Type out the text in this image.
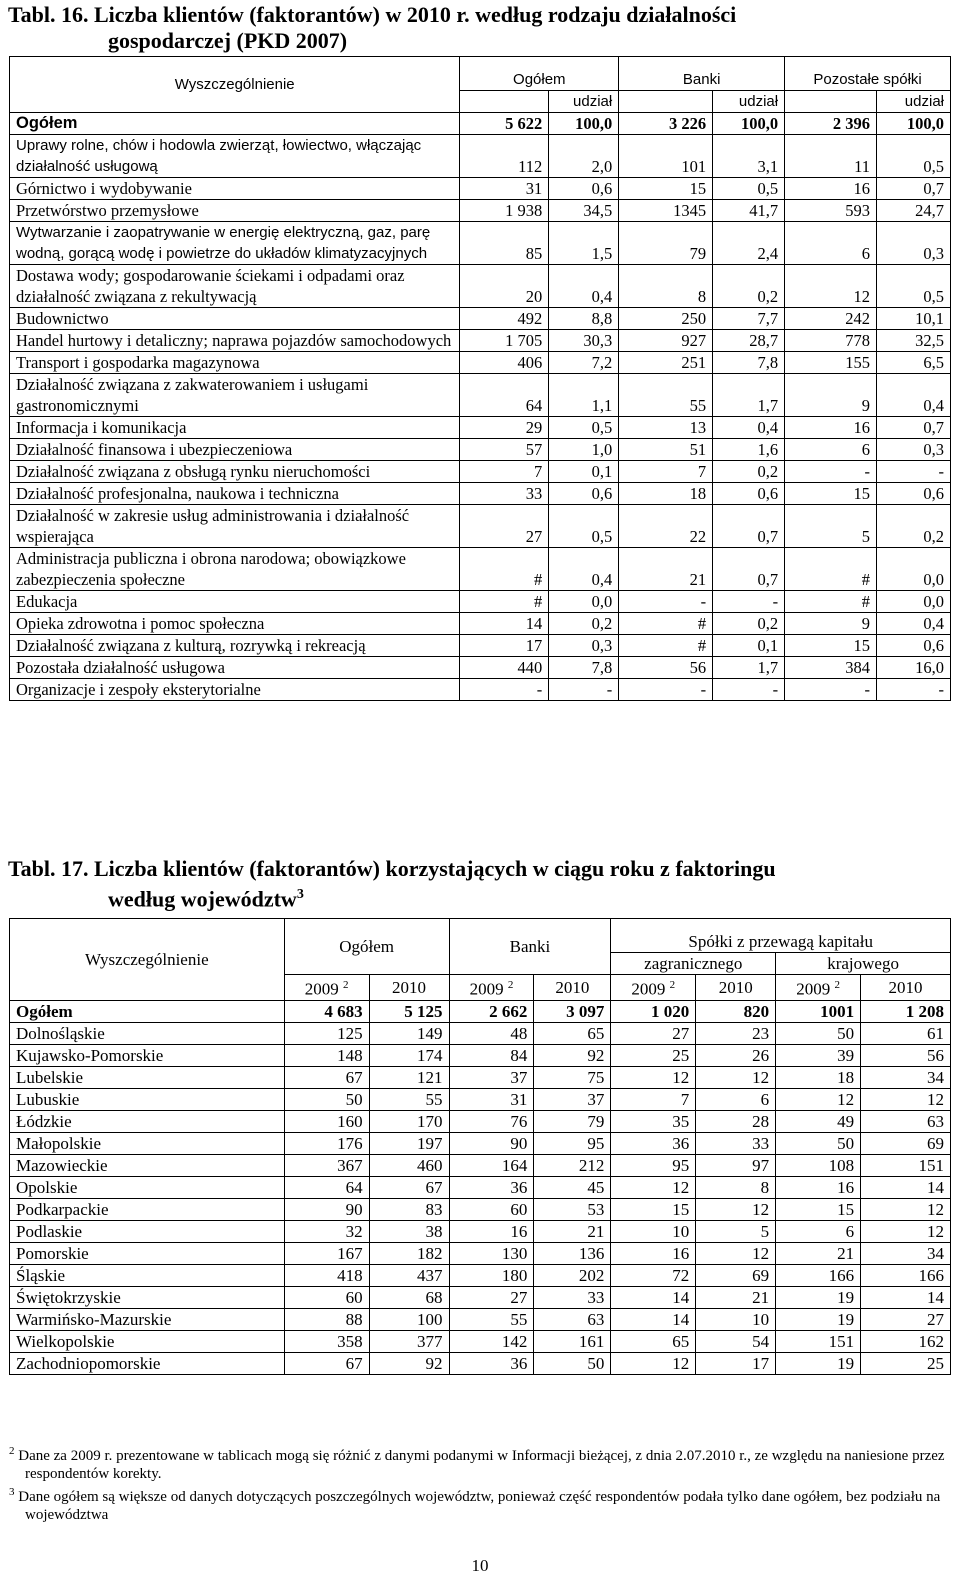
Tabl. 16. Liczba klientów (faktorantów) w 2010 r. według rodzaju działalności
gospodarczej (PKD 2007)
Wyszczególnienie	Ogółem		Banki		Pozostałe spółki	
		udział		udział		udział
Ogółem	5 622	100,0	3 226	100,0	2 396	100,0
Uprawy rolne, chów i hodowla zwierząt, łowiectwo, włączając działalność usługową	112	2,0	101	3,1	11	0,5
Górnictwo i wydobywanie	31	0,6	15	0,5	16	0,7
Przetwórstwo przemysłowe	1 938	34,5	1345	41,7	593	24,7
Wytwarzanie i zaopatrywanie w energię elektryczną, gaz, parę wodną, gorącą wodę i powietrze do układów klimatyzacyjnych	85	1,5	79	2,4	6	0,3
Dostawa wody; gospodarowanie ściekami i odpadami oraz działalność związana z rekultywacją	20	0,4	8	0,2	12	0,5
Budownictwo	492	8,8	250	7,7	242	10,1
Handel hurtowy i detaliczny; naprawa pojazdów samochodowych	1 705	30,3	927	28,7	778	32,5
Transport i gospodarka magazynowa	406	7,2	251	7,8	155	6,5
Działalność związana z zakwaterowaniem i usługami gastronomicznymi	64	1,1	55	1,7	9	0,4
Informacja i komunikacja	29	0,5	13	0,4	16	0,7
Działalność finansowa i ubezpieczeniowa	57	1,0	51	1,6	6	0,3
Działalność związana z obsługą rynku nieruchomości	7	0,1	7	0,2	-	-
Działalność profesjonalna, naukowa i techniczna	33	0,6	18	0,6	15	0,6
Działalność w zakresie usług administrowania i działalność wspierająca	27	0,5	22	0,7	5	0,2
Administracja publiczna i obrona narodowa; obowiązkowe zabezpieczenia społeczne	#	0,4	21	0,7	#	0,0
Edukacja	#	0,0	-	-	#	0,0
Opieka zdrowotna i pomoc społeczna	14	0,2	#	0,2	9	0,4
Działalność związana z kulturą, rozrywką i rekreacją	17	0,3	#	0,1	15	0,6
Pozostała działalność usługowa	440	7,8	56	1,7	384	16,0
Organizacje i zespoły eksterytorialne	-	-	-	-	-	-
Tabl. 17. Liczba klientów (faktorantów) korzystających w ciągu roku z faktoringu
według województw$^3$
Wyszczególnienie	Ogółem		Banki		Spółki z przewagą kapitału			
					zagranicznego		krajowego	
	2009 $^2$	2010	2009 $^2$	2010	2009 $^2$	2010	2009 $^2$	2010
Ogółem	4 683	5 125	2 662	3 097	1 020	820	1001	1 208
Dolnośląskie	125	149	48	65	27	23	50	61
Kujawsko-Pomorskie	148	174	84	92	25	26	39	56
Lubelskie	67	121	37	75	12	12	18	34
Lubuskie	50	55	31	37	7	6	12	12
Łódzkie	160	170	76	79	35	28	49	63
Małopolskie	176	197	90	95	36	33	50	69
Mazowieckie	367	460	164	212	95	97	108	151
Opolskie	64	67	36	45	12	8	16	14
Podkarpackie	90	83	60	53	15	12	15	12
Podlaskie	32	38	16	21	10	5	6	12
Pomorskie	167	182	130	136	16	12	21	34
Śląskie	418	437	180	202	72	69	166	166
Świętokrzyskie	60	68	27	33	14	21	19	14
Warmińsko-Mazurskie	88	100	55	63	14	10	19	27
Wielkopolskie	358	377	142	161	65	54	151	162
Zachodniopomorskie	67	92	36	50	12	17	19	25

$^2$ Dane za 2009 r. prezentowane w tablicach mogą się różnić z danymi podanymi w Informacji bieżącej, z dnia 2.07.2010 r., ze względu na naniesione przez respondentów korekty.

$^3$ Dane ogółem są większe od danych dotyczących poszczególnych województw, ponieważ część respondentów podała tylko dane ogółem, bez podziału na województwa

10
